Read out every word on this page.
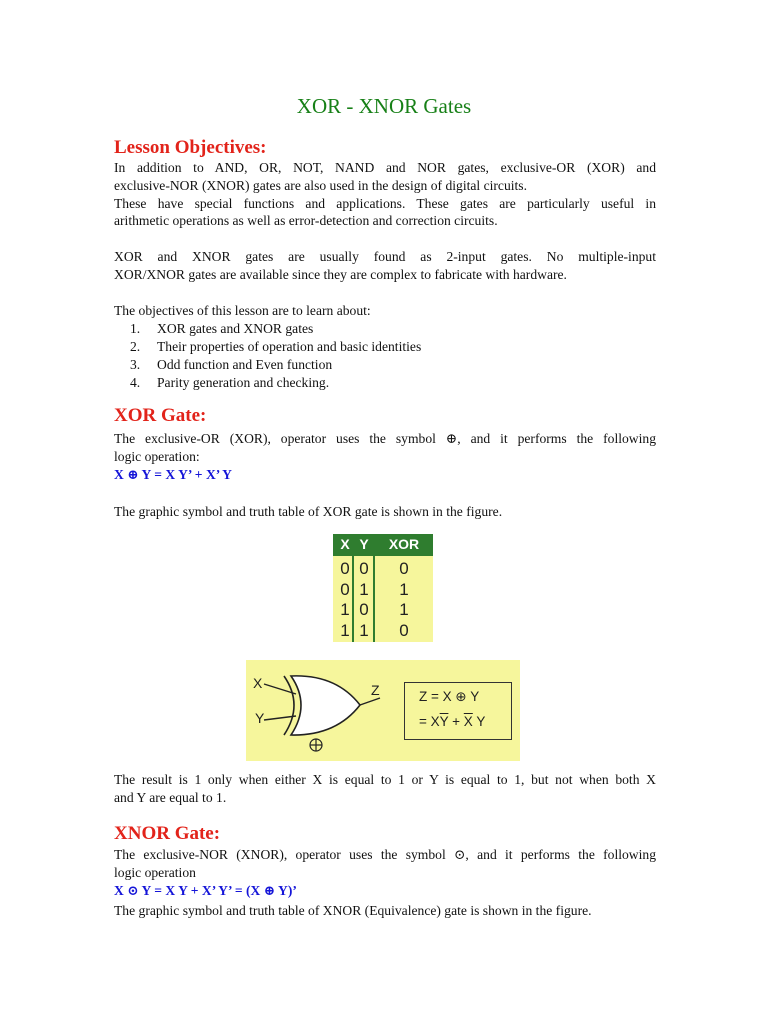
XOR - XNOR Gates
Lesson Objectives:
In addition to AND, OR, NOT, NAND and NOR gates, exclusive-OR (XOR) and
exclusive-NOR (XNOR) gates are also used in the design of digital circuits.
These have special functions and applications. These gates are particularly useful in
arithmetic operations as well as error-detection and correction circuits.
XOR and XNOR gates are usually found as 2-input gates. No multiple-input
XOR/XNOR gates are available since they are complex to fabricate with hardware.
The objectives of this lesson are to learn about:
1. XOR gates and XNOR gates
2. Their properties of operation and basic identities
3. Odd function and Even function
4. Parity generation and checking.
XOR Gate:
The exclusive-OR (XOR), operator uses the symbol ⊕, and it performs the following
logic operation:
X ⊕ Y = X Y’ + X’ Y
The graphic symbol and truth table of XOR gate is shown in the figure.
X Y	XOR
0 0	0
0 1	1
1 0	1
1 1	0
X
Y
Z	Z = X ⊕ Y
= $X\overline{Y} + \overline{X}$ Y
The result is 1 only when either X is equal to 1 or Y is equal to 1, but not when both X
and Y are equal to 1.
XNOR Gate:
The exclusive-NOR (XNOR), operator uses the symbol ⊙, and it performs the following
logic operation
X ⊙ Y = X Y + X’ Y’ = (X ⊕ Y)’
The graphic symbol and truth table of XNOR (Equivalence) gate is shown in the figure.
